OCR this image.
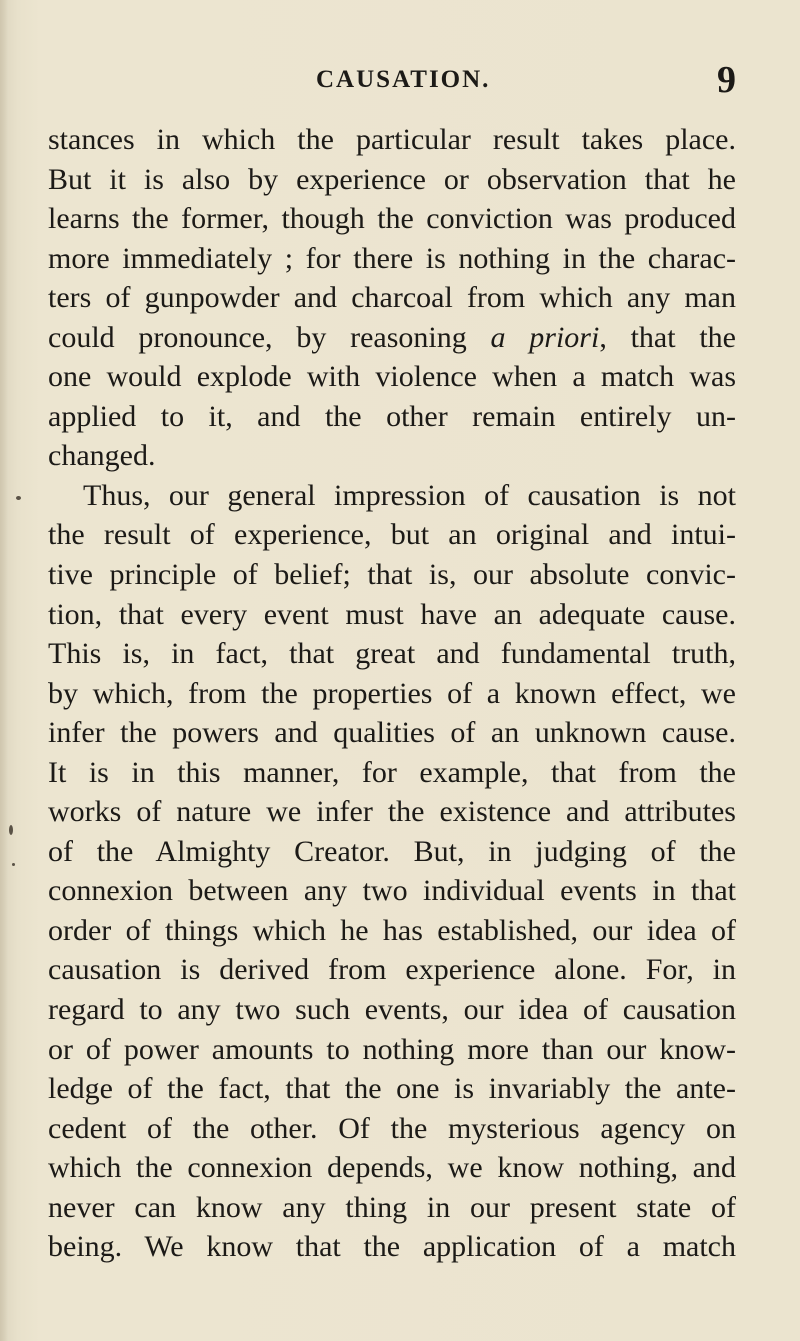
CAUSATION.	9
stances in which the particular result takes place.
But it is also by experience or observation that he
learns the former, though the conviction was produced
more immediately ; for there is nothing in the charac-
ters of gunpowder and charcoal from which any man
could pronounce, by reasoning a priori, that the
one would explode with violence when a match was
applied to it, and the other remain entirely un-
changed.
Thus, our general impression of causation is not
the result of experience, but an original and intui-
tive principle of belief; that is, our absolute convic-
tion, that every event must have an adequate cause.
This is, in fact, that great and fundamental truth,
by which, from the properties of a known effect, we
infer the powers and qualities of an unknown cause.
It is in this manner, for example, that from the
works of nature we infer the existence and attributes
of the Almighty Creator. But, in judging of the
connexion between any two individual events in that
order of things which he has established, our idea of
causation is derived from experience alone. For, in
regard to any two such events, our idea of causation
or of power amounts to nothing more than our know-
ledge of the fact, that the one is invariably the ante-
cedent of the other. Of the mysterious agency on
which the connexion depends, we know nothing, and
never can know any thing in our present state of
being. We know that the application of a match
